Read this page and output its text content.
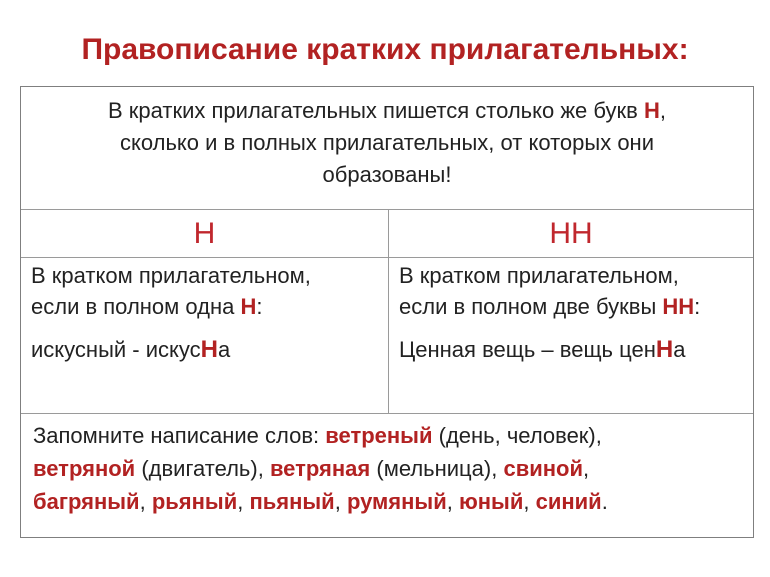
Правописание кратких прилагательных:
В кратких прилагательных пишется столько же букв Н,
сколько и в полных прилагательных, от которых они
образованы!
Н	НН
В кратком прилагательном,
если в полном одна Н:
искусный - искусНа
В кратком прилагательном,
если в полном две буквы НН:
Ценная вещь – вещь ценНа
Запомните написание слов: ветреный (день, человек),
ветряной (двигатель), ветряная (мельница), свиной,
багряный, рьяный, пьяный, румяный, юный, синий.
